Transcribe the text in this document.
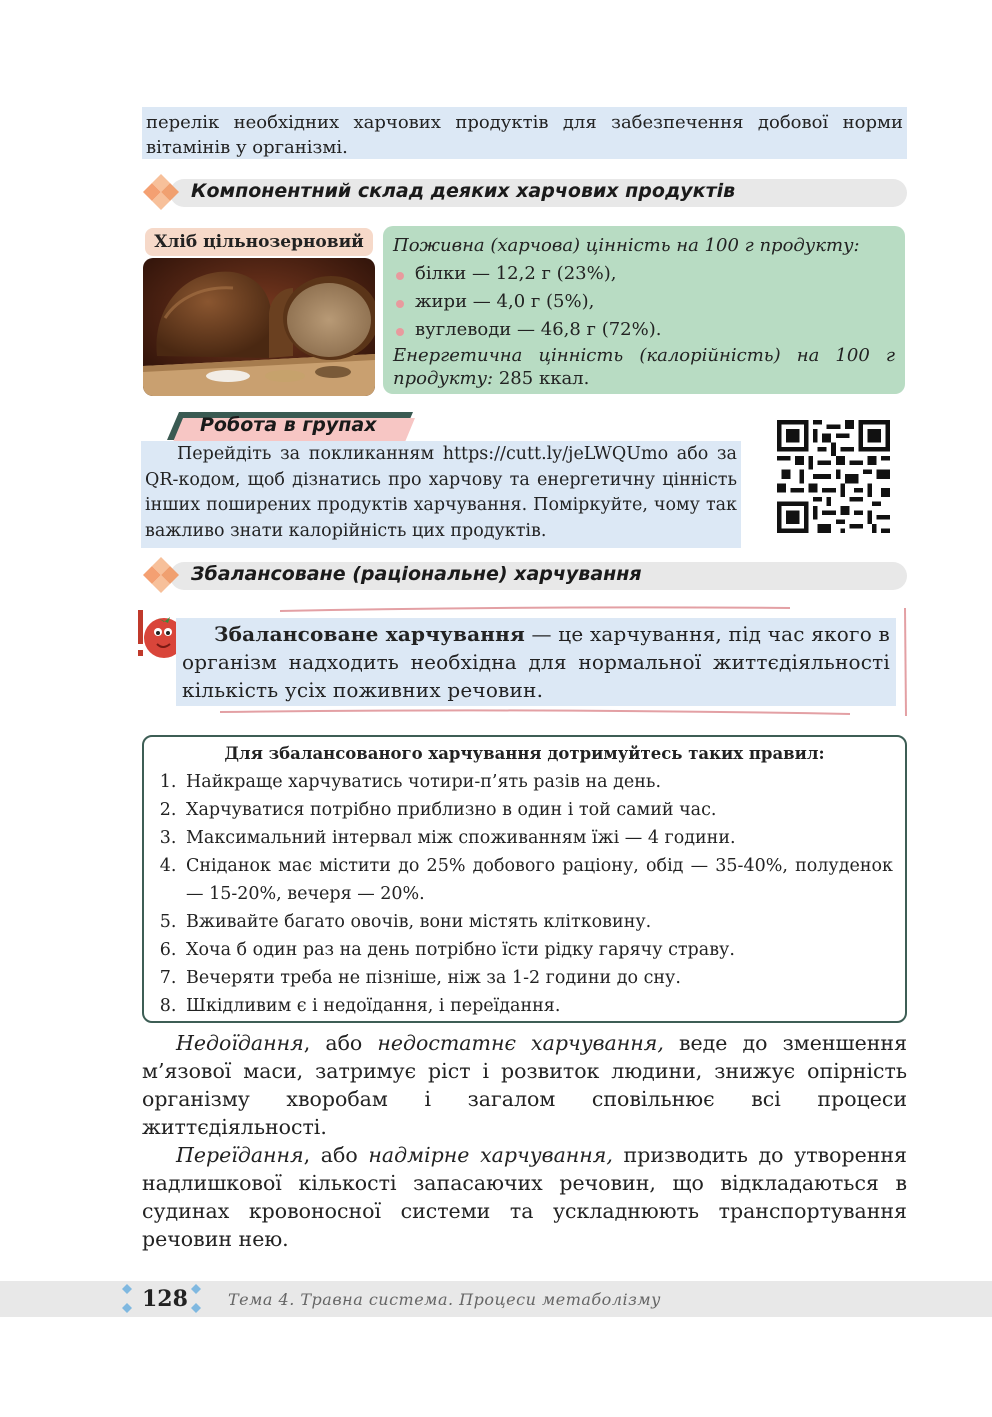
перелік необхідних харчових продуктів для забезпечення добової норми вітамінів у організмі.
Компонентний склад деяких харчових продуктів
Хліб цільнозерновий	Поживна (харчова) цінність на 100 г продукту:
білки — 12,2 г (23%),
жири — 4,0 г (5%),
вуглеводи — 46,8 г (72%).
Енергетична цінність (калорійність) на 100 г продукту: 285 ккал.
Робота в групах
Перейдіть за покликанням https://cutt.ly/jeLWQUmo або за QR-кодом, щоб дізнатись про харчову та енергетичну цінність інших поширених продуктів харчування. Поміркуйте, чому так важливо знати калорійність цих продуктів.
Збалансоване (раціональне) харчування
Збалансоване харчування — це харчування, під час якого в організм надходить необхідна для нормальної життєдіяльності кількість усіх поживних речовин.
Для збалансованого харчування дотримуйтесь таких правил:
1. Найкраще харчуватись чотири-п’ять разів на день.
2. Харчуватися потрібно приблизно в один і той самий час.
3. Максимальний інтервал між споживанням їжі — 4 години.
4. Сніданок має містити до 25% добового раціону, обід — 35-40%, полуденок — 15-20%, вечеря — 20%.
5. Вживайте багато овочів, вони містять клітковину.
6. Хоча б один раз на день потрібно їсти рідку гарячу страву.
7. Вечеряти треба не пізніше, ніж за 1-2 години до сну.
8. Шкідливим є і недоїдання, і переїдання.

Недоїдання, або недостатнє харчування, веде до зменшення м’язової маси, затримує ріст і розвиток людини, знижує опірність організму хворобам і загалом сповільнює всі процеси життєдіяльності.

Переїдання, або надмірне харчування, призводить до утворення надлишкової кількості запасаючих речовин, що відкладаються в судинах кровоносної системи та ускладнюють транспортування речовин нею.

128	Тема 4. Травна система. Процеси метаболізму
